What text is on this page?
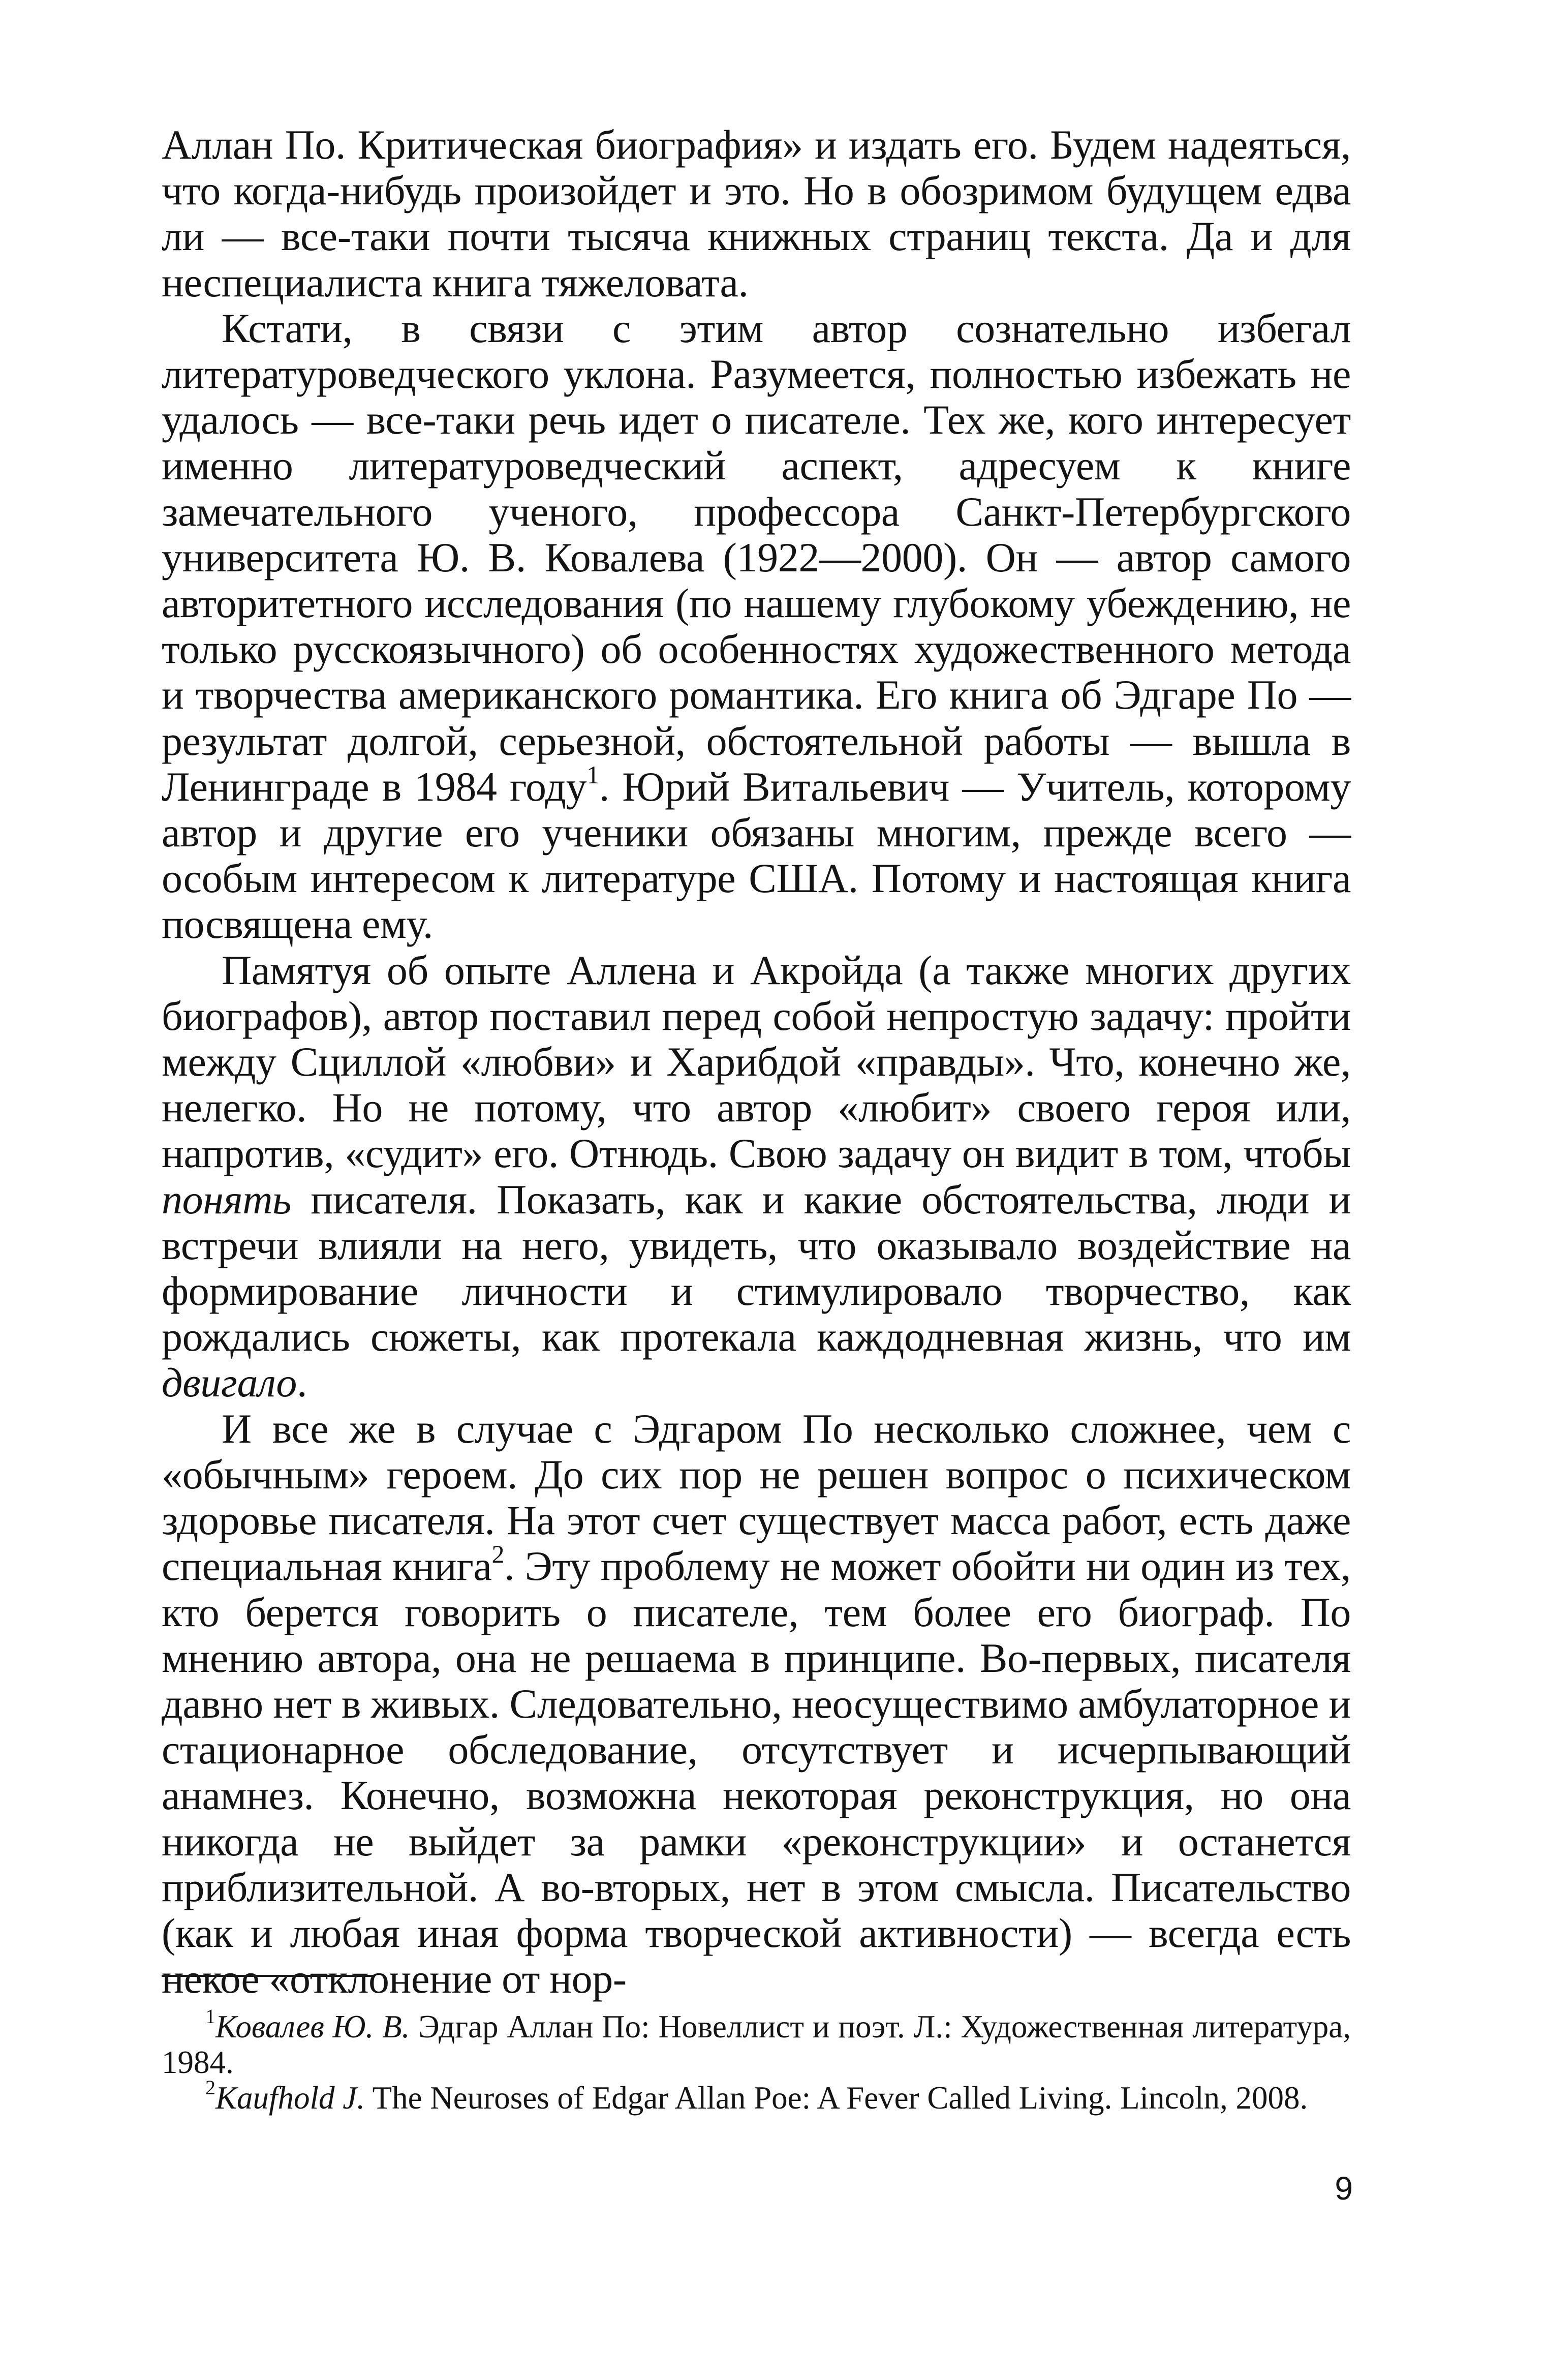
Аллан По. Критическая биография» и издать его. Будем надеяться, что когда-нибудь произойдет и это. Но в обозримом будущем едва ли — все-таки почти тысяча книжных страниц текста. Да и для неспециалиста книга тяжеловата.

Кстати, в связи с этим автор сознательно избегал литературоведческого уклона. Разумеется, полностью избежать не удалось — все-таки речь идет о писателе. Тех же, кого интересует именно литературоведческий аспект, адресуем к книге замечательного ученого, профессора Санкт-Петербургского университета Ю. В. Ковалева (1922—2000). Он — автор самого авторитетного исследования (по нашему глубокому убеждению, не только русскоязычного) об особенностях художественного метода и творчества американского романтика. Его книга об Эдгаре По — результат долгой, серьезной, обстоятельной работы — вышла в Ленинграде в 1984 году$^1$. Юрий Витальевич — Учитель, которому автор и другие его ученики обязаны многим, прежде всего — особым интересом к литературе США. Потому и настоящая книга посвящена ему.

Памятуя об опыте Аллена и Акройда (а также многих других биографов), автор поставил перед собой непростую задачу: пройти между Сциллой «любви» и Харибдой «правды». Что, конечно же, нелегко. Но не потому, что автор «любит» своего героя или, напротив, «судит» его. Отнюдь. Свою задачу он видит в том, чтобы понять писателя. Показать, как и какие обстоятельства, люди и встречи влияли на него, увидеть, что оказывало воздействие на формирование личности и стимулировало творчество, как рождались сюжеты, как протекала каждодневная жизнь, что им двигало.

И все же в случае с Эдгаром По несколько сложнее, чем с «обычным» героем. До сих пор не решен вопрос о психическом здоровье писателя. На этот счет существует масса работ, есть даже специальная книга$^2$. Эту проблему не может обойти ни один из тех, кто берется говорить о писателе, тем более его биограф. По мнению автора, она не решаема в принципе. Во-первых, писателя давно нет в живых. Следовательно, неосуществимо амбулаторное и стационарное обследование, отсутствует и исчерпывающий анамнез. Конечно, возможна некоторая реконструкция, но она никогда не выйдет за рамки «реконструкции» и останется приблизительной. А во-вторых, нет в этом смысла. Писательство (как и любая иная форма творческой активности) — всегда есть некое «отклонение от нор-

$^1$Ковалев Ю. В. Эдгар Аллан По: Новеллист и поэт. Л.: Художественная литература, 1984.

$^2$Kaufhold J. The Neuroses of Edgar Allan Poe: A Fever Called Living. Lincoln, 2008.

9
